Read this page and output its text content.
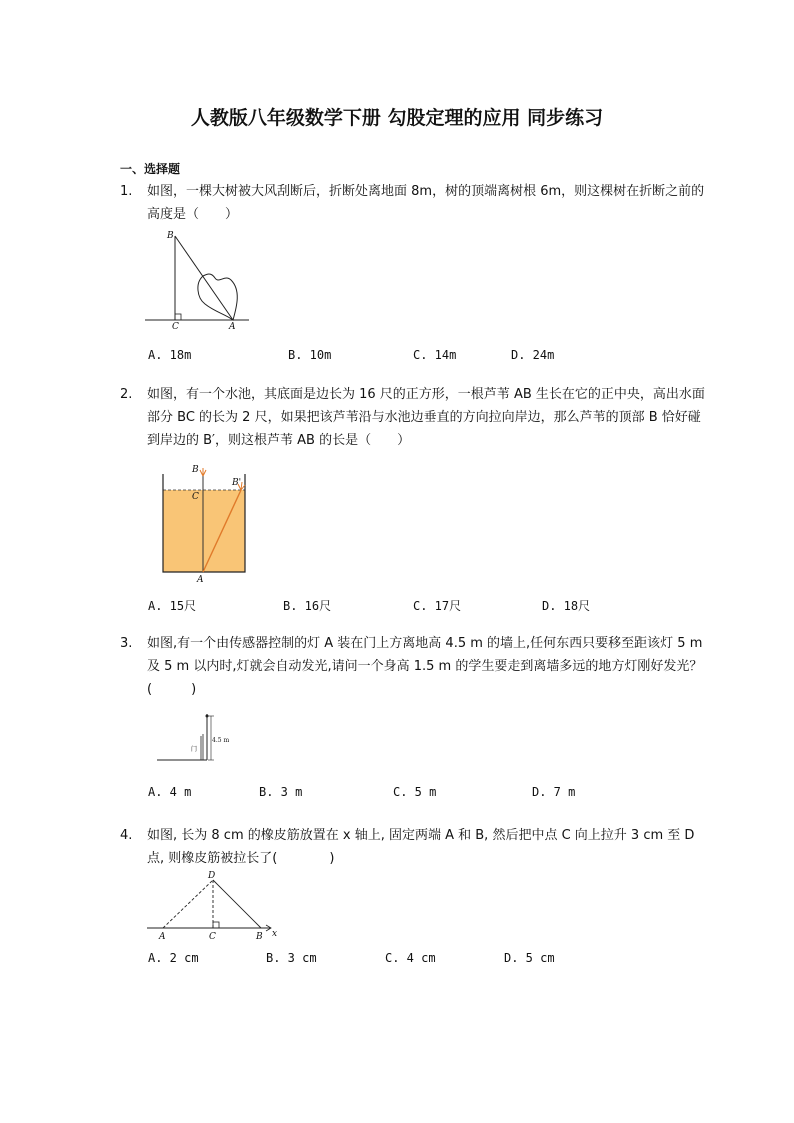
人教版八年级数学下册 勾股定理的应用 同步练习
一、选择题
1. 如图，一棵大树被大风刮断后，折断处离地面 8m，树的顶端离树根 6m，则这棵树在折断之前的高度是（　　）
B
C	A
A. 18m	B. 10m	C. 14m	D. 24m
2. 如图，有一个水池，其底面是边长为 16 尺的正方形，一根芦苇 AB 生长在它的正中央，高出水面部分 BC 的长为 2 尺，如果把该芦苇沿与水池边垂直的方向拉向岸边，那么芦苇的顶部 B 恰好碰到岸边的 B′，则这根芦苇 AB 的长是（　　）
B
B'
C
A
A. 15尺	B. 16尺	C. 17尺	D. 18尺
3. 如图,有一个由传感器控制的灯 A 装在门上方离地高 4.5 m 的墙上,任何东西只要移至距该灯 5 m 及 5 m 以内时,灯就会自动发光,请问一个身高 1.5 m 的学生要走到离墙多远的地方灯刚好发光？(　　　)
4.5 m
门
A. 4 m	B. 3 m	C. 5 m	D. 7 m
4. 如图, 长为 8 cm 的橡皮筋放置在 x 轴上, 固定两端 A 和 B, 然后把中点 C 向上拉升 3 cm 至 D 点, 则橡皮筋被拉长了(　　　　)
D
A	C	B x
A. 2 cm	B. 3 cm	C. 4 cm	D. 5 cm
